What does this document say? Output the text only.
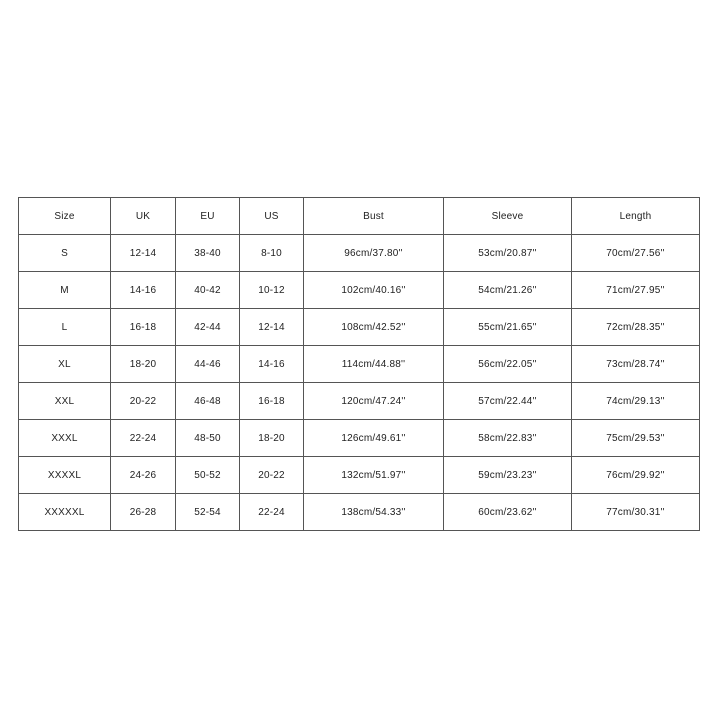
Size	UK	EU	US	Bust	Sleeve	Length
S	12-14	38-40	8-10	96cm/37.80''	53cm/20.87''	70cm/27.56''
M	14-16	40-42	10-12	102cm/40.16''	54cm/21.26''	71cm/27.95''
L	16-18	42-44	12-14	108cm/42.52''	55cm/21.65''	72cm/28.35''
XL	18-20	44-46	14-16	114cm/44.88''	56cm/22.05''	73cm/28.74''
XXL	20-22	46-48	16-18	120cm/47.24''	57cm/22.44''	74cm/29.13''
XXXL	22-24	48-50	18-20	126cm/49.61''	58cm/22.83''	75cm/29.53''
XXXXL	24-26	50-52	20-22	132cm/51.97''	59cm/23.23''	76cm/29.92''
XXXXXL	26-28	52-54	22-24	138cm/54.33''	60cm/23.62''	77cm/30.31''
